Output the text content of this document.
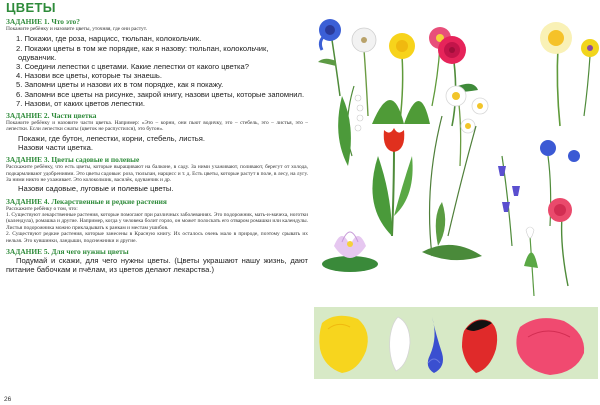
ЦВЕТЫ
ЗАДАНИЕ 1. Что это?
Покажите ребёнку и назовите цветы, уточняя, где они растут.
1. Покажи, где роза, нарцисс, тюльпан, колокольчик.
2. Покажи цветы в том же порядке, как я назову: тюльпан, колокольчик, одуванчик.
3. Соедини лепестки с цветами. Какие лепестки от какого цветка?
4. Назови все цветы, которые ты знаешь.
5. Запомни цветы и назови их в том порядке, как я покажу.
6. Запомни все цветы на рисунке, закрой книгу, назови цветы, которые запомнил.
7. Назови, от каких цветов лепестки.
ЗАДАНИЕ 2. Части цветка
Покажите ребёнку и назовите части цветка. Например: «Это – корни, они пьют водичку, это – стебель, это – листья, это – лепестки. Если лепестки сжаты (цветок не распустился), это бутон».
Покажи, где бутон, лепестки, корни, стебель, листья.
Назови части цветка.
ЗАДАНИЕ 3. Цветы садовые и полевые
Расскажите ребёнку, что есть цветы, которые выращивают на балконе, в саду. За ними ухаживают, поливают, берегут от холода, подкармливают удобрениями. Это цветы садовые: роза, тюльпан, нарцисс и т. д. Есть цветы, которые растут в поле, в лесу, на лугу. За ними никто не ухаживает. Это колокольчик, василёк, одуванчик и др.
Назови садовые, луговые и полевые цветы.
ЗАДАНИЕ 4. Лекарственные и редкие растения
Расскажите ребёнку о том, что:
1. Существуют лекарственные растения, которые помогают при различных заболеваниях. Это подорожник, мать-и-мачеха, ноготки (календула), ромашка и другие. Например, когда у человека болит горло, он может полоскать его отваром ромашки или календулы. Листья подорожника можно прикладывать к ранкам и местам ушибов.
2. Существуют редкие растения, которые занесены в Красную книгу. Их осталось очень мало в природе, поэтому срывать их нельзя. Это кувшинки, ландыши, подснежники и другие.
ЗАДАНИЕ 5. Для чего нужны цветы
Подумай и скажи, для чего нужны цветы. (Цветы украшают нашу жизнь, дают питание бабочкам и пчёлам, из цветов делают лекарства.)
26
